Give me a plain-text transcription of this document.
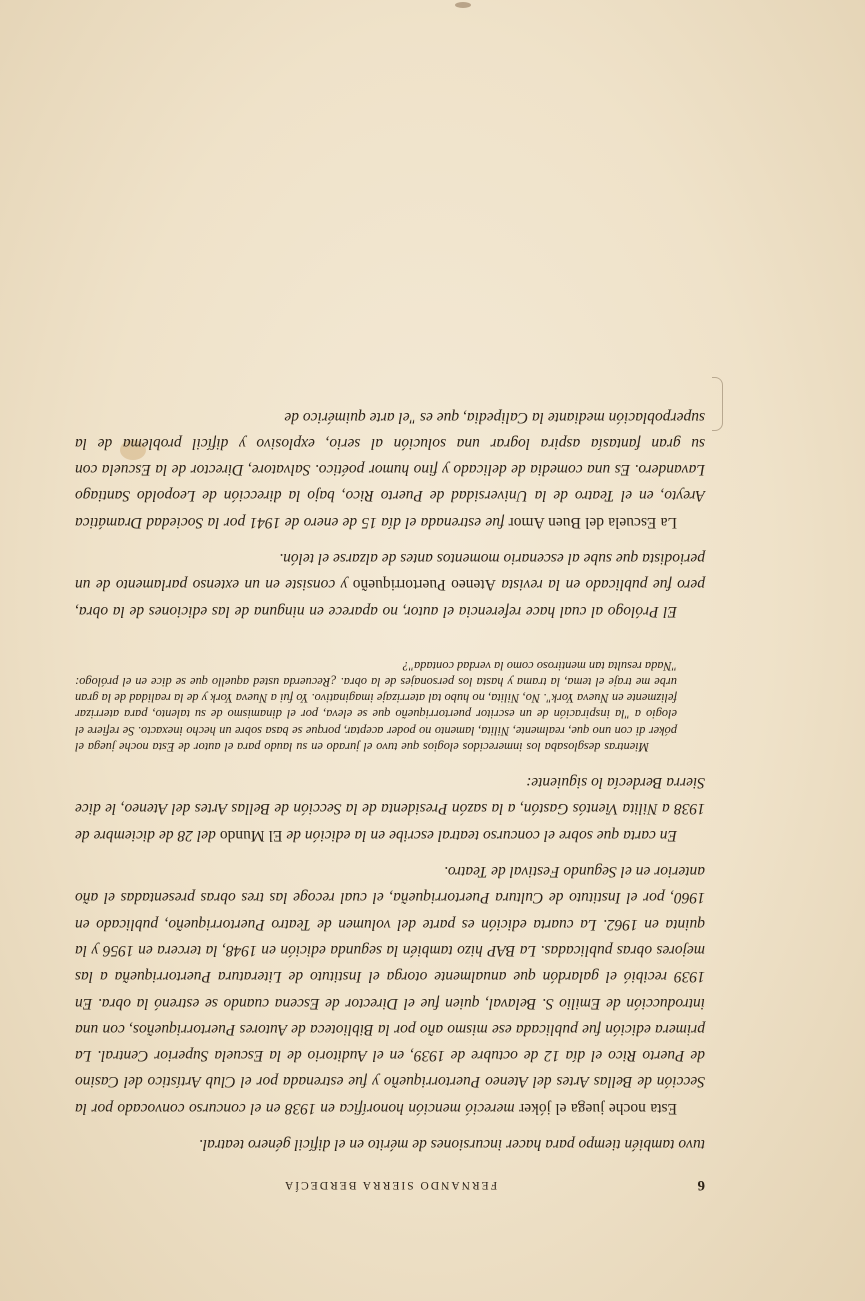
6
FERNANDO SIERRA BERDECÍA

tuvo también tiempo para hacer incursiones de mérito en el difícil género teatral.

Esta noche juega el jóker mereció mención honorífica en 1938 en el concurso convocado por la Sección de Bellas Artes del Ateneo Puertorriqueño y fue estrenada por el Club Artístico del Casino de Puerto Rico el día 12 de octubre de 1939, en el Auditorio de la Escuela Superior Central. La primera edición fue publicada ese mismo año por la Biblioteca de Autores Puertorriqueños, con una introducción de Emilio S. Belaval, quien fue el Director de Escena cuando se estrenó la obra. En 1939 recibió el galardón que anualmente otorga el Instituto de Literatura Puertorriqueña a las mejores obras publicadas. La BAP hizo también la segunda edición en 1948, la tercera en 1956 y la quinta en 1962. La cuarta edición es parte del volumen de Teatro Puertorriqueño, publicado en 1960, por el Instituto de Cultura Puertorriqueña, el cual recoge las tres obras presentadas el año anterior en el Segundo Festival de Teatro.

En carta que sobre el concurso teatral escribe en la edición de El Mundo del 28 de diciembre de 1938 a Nilita Vientós Gastón, a la sazón Presidenta de la Sección de Bellas Artes del Ateneo, le dice Sierra Berdecía lo siguiente:

Mientras desglosaba los inmerecidos elogios que tuvo el jurado en su laudo para el autor de Esta noche juega el póker di con uno que, realmente, Nilita, lamento no poder aceptar, porque se basa sobre un hecho inexacto. Se refiere el elogio a "la inspiración de un escritor puertorriqueño que se eleva, por el dinamismo de su talento, para aterrizar felizmente en Nueva York". No, Nilita, no hubo tal aterrizaje imaginativo. Yo fui a Nueva York y de la realidad de la gran urbe me traje el tema, la trama y hasta los personajes de la obra. ¿Recuerda usted aquello que se dice en el prólogo: "Nada resulta tan mentiroso como la verdad contada"?

El Prólogo al cual hace referencia el autor, no aparece en ninguna de las ediciones de la obra, pero fue publicado en la revista Ateneo Puertorriqueño y consiste en un extenso parlamento de un periodista que sube al escenario momentos antes de alzarse el telón.

La Escuela del Buen Amor fue estrenada el día 15 de enero de 1941 por la Sociedad Dramática Areyto, en el Teatro de la Universidad de Puerto Rico, bajo la dirección de Leopoldo Santiago Lavandero. Es una comedia de delicado y fino humor poético. Salvatore, Director de la Escuela con su gran fantasía aspira lograr una solución al serio, explosivo y difícil problema de la superpoblación mediante la Calipedia, que es "el arte quimérico de
